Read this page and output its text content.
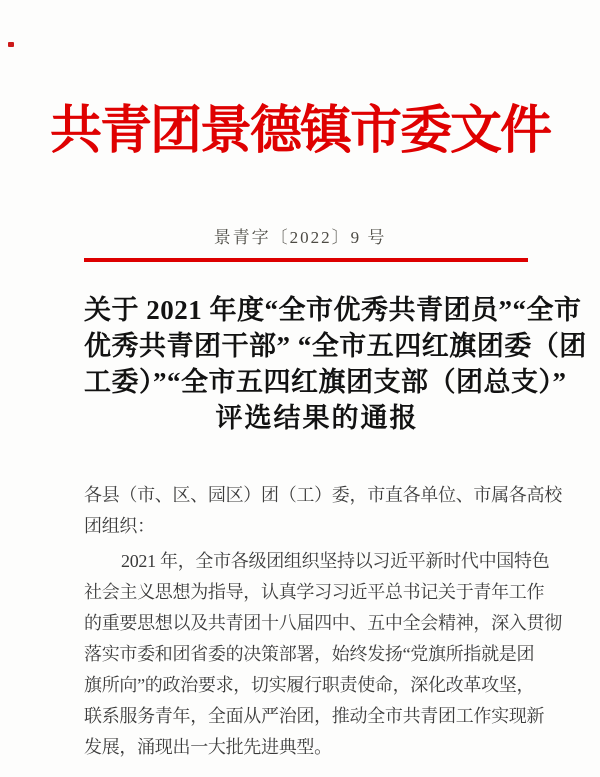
共青团景德镇市委文件
景青字〔2022〕9 号
关于 2021 年度“全市优秀共青团员”“全市
优秀共青团干部” “全市五四红旗团委（团
工委）”“全市五四红旗团支部（团总支）”
评选结果的通报
各县（市、区、园区）团（工）委，市直各单位、市属各高校
团组织：
2021 年，全市各级团组织坚持以习近平新时代中国特色
社会主义思想为指导，认真学习习近平总书记关于青年工作
的重要思想以及共青团十八届四中、五中全会精神，深入贯彻
落实市委和团省委的决策部署，始终发扬“党旗所指就是团
旗所向”的政治要求，切实履行职责使命，深化改革攻坚，
联系服务青年，全面从严治团，推动全市共青团工作实现新
发展，涌现出一大批先进典型。
